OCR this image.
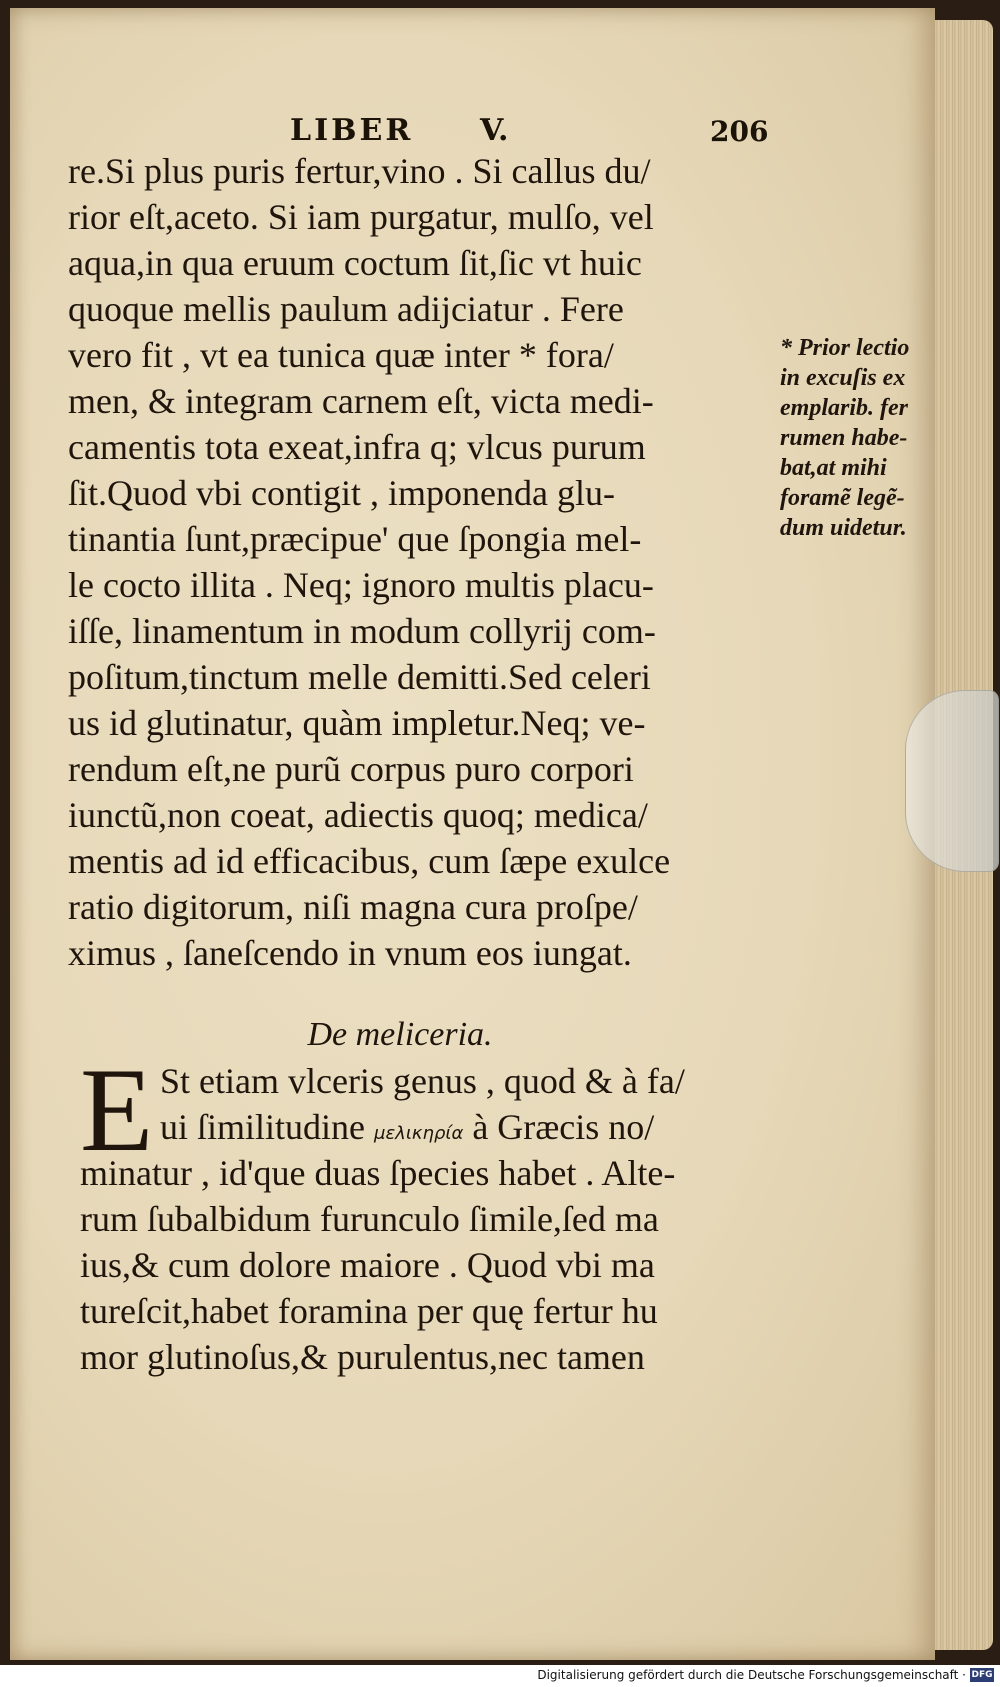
LIBER V.	206
re.Si plus puris fertur,vino . Si callus du/
rior eſt,aceto. Si iam purgatur, mulſo, vel
aqua,in qua eruum coctum ſit,ſic vt huic
quoque mellis paulum adijciatur . Fere
vero fit , vt ea tunica quæ inter * fora/
men, & integram carnem eſt, victa medi-
camentis tota exeat,infra q; vlcus purum
ſit.Quod vbi contigit , imponenda glu-
tinantia ſunt,præcipue' que ſpongia mel-
le cocto illita . Neq; ignoro multis placu-
iſſe, linamentum in modum collyrij com-
poſitum,tinctum melle demitti.Sed celeri
us id glutinatur, quàm impletur.Neq; ve-
rendum eſt,ne purũ corpus puro corpori
iunctũ,non coeat, adiectis quoq; medica/
mentis ad id efficacibus, cum ſæpe exulce
ratio digitorum, niſi magna cura proſpe/
ximus , ſaneſcendo in vnum eos iungat.
De meliceria.
E St etiam vlceris genus , quod & à fa/
ui ſimilitudine μελικηρία à Græcis no/
minatur , id'que duas ſpecies habet . Alte-
rum ſubalbidum furunculo ſimile,ſed ma
ius,& cum dolore maiore . Quod vbi ma
tureſcit,habet foramina per quę fertur hu
mor glutinoſus,& purulentus,nec tamen
* Prior lectio
in excuſis ex
emplarib. fer
rumen habe-
bat,at mihi
foramẽ legẽ-
dum uidetur.
Digitalisierung gefördert durch die Deutsche Forschungsgemeinschaft · DFG
